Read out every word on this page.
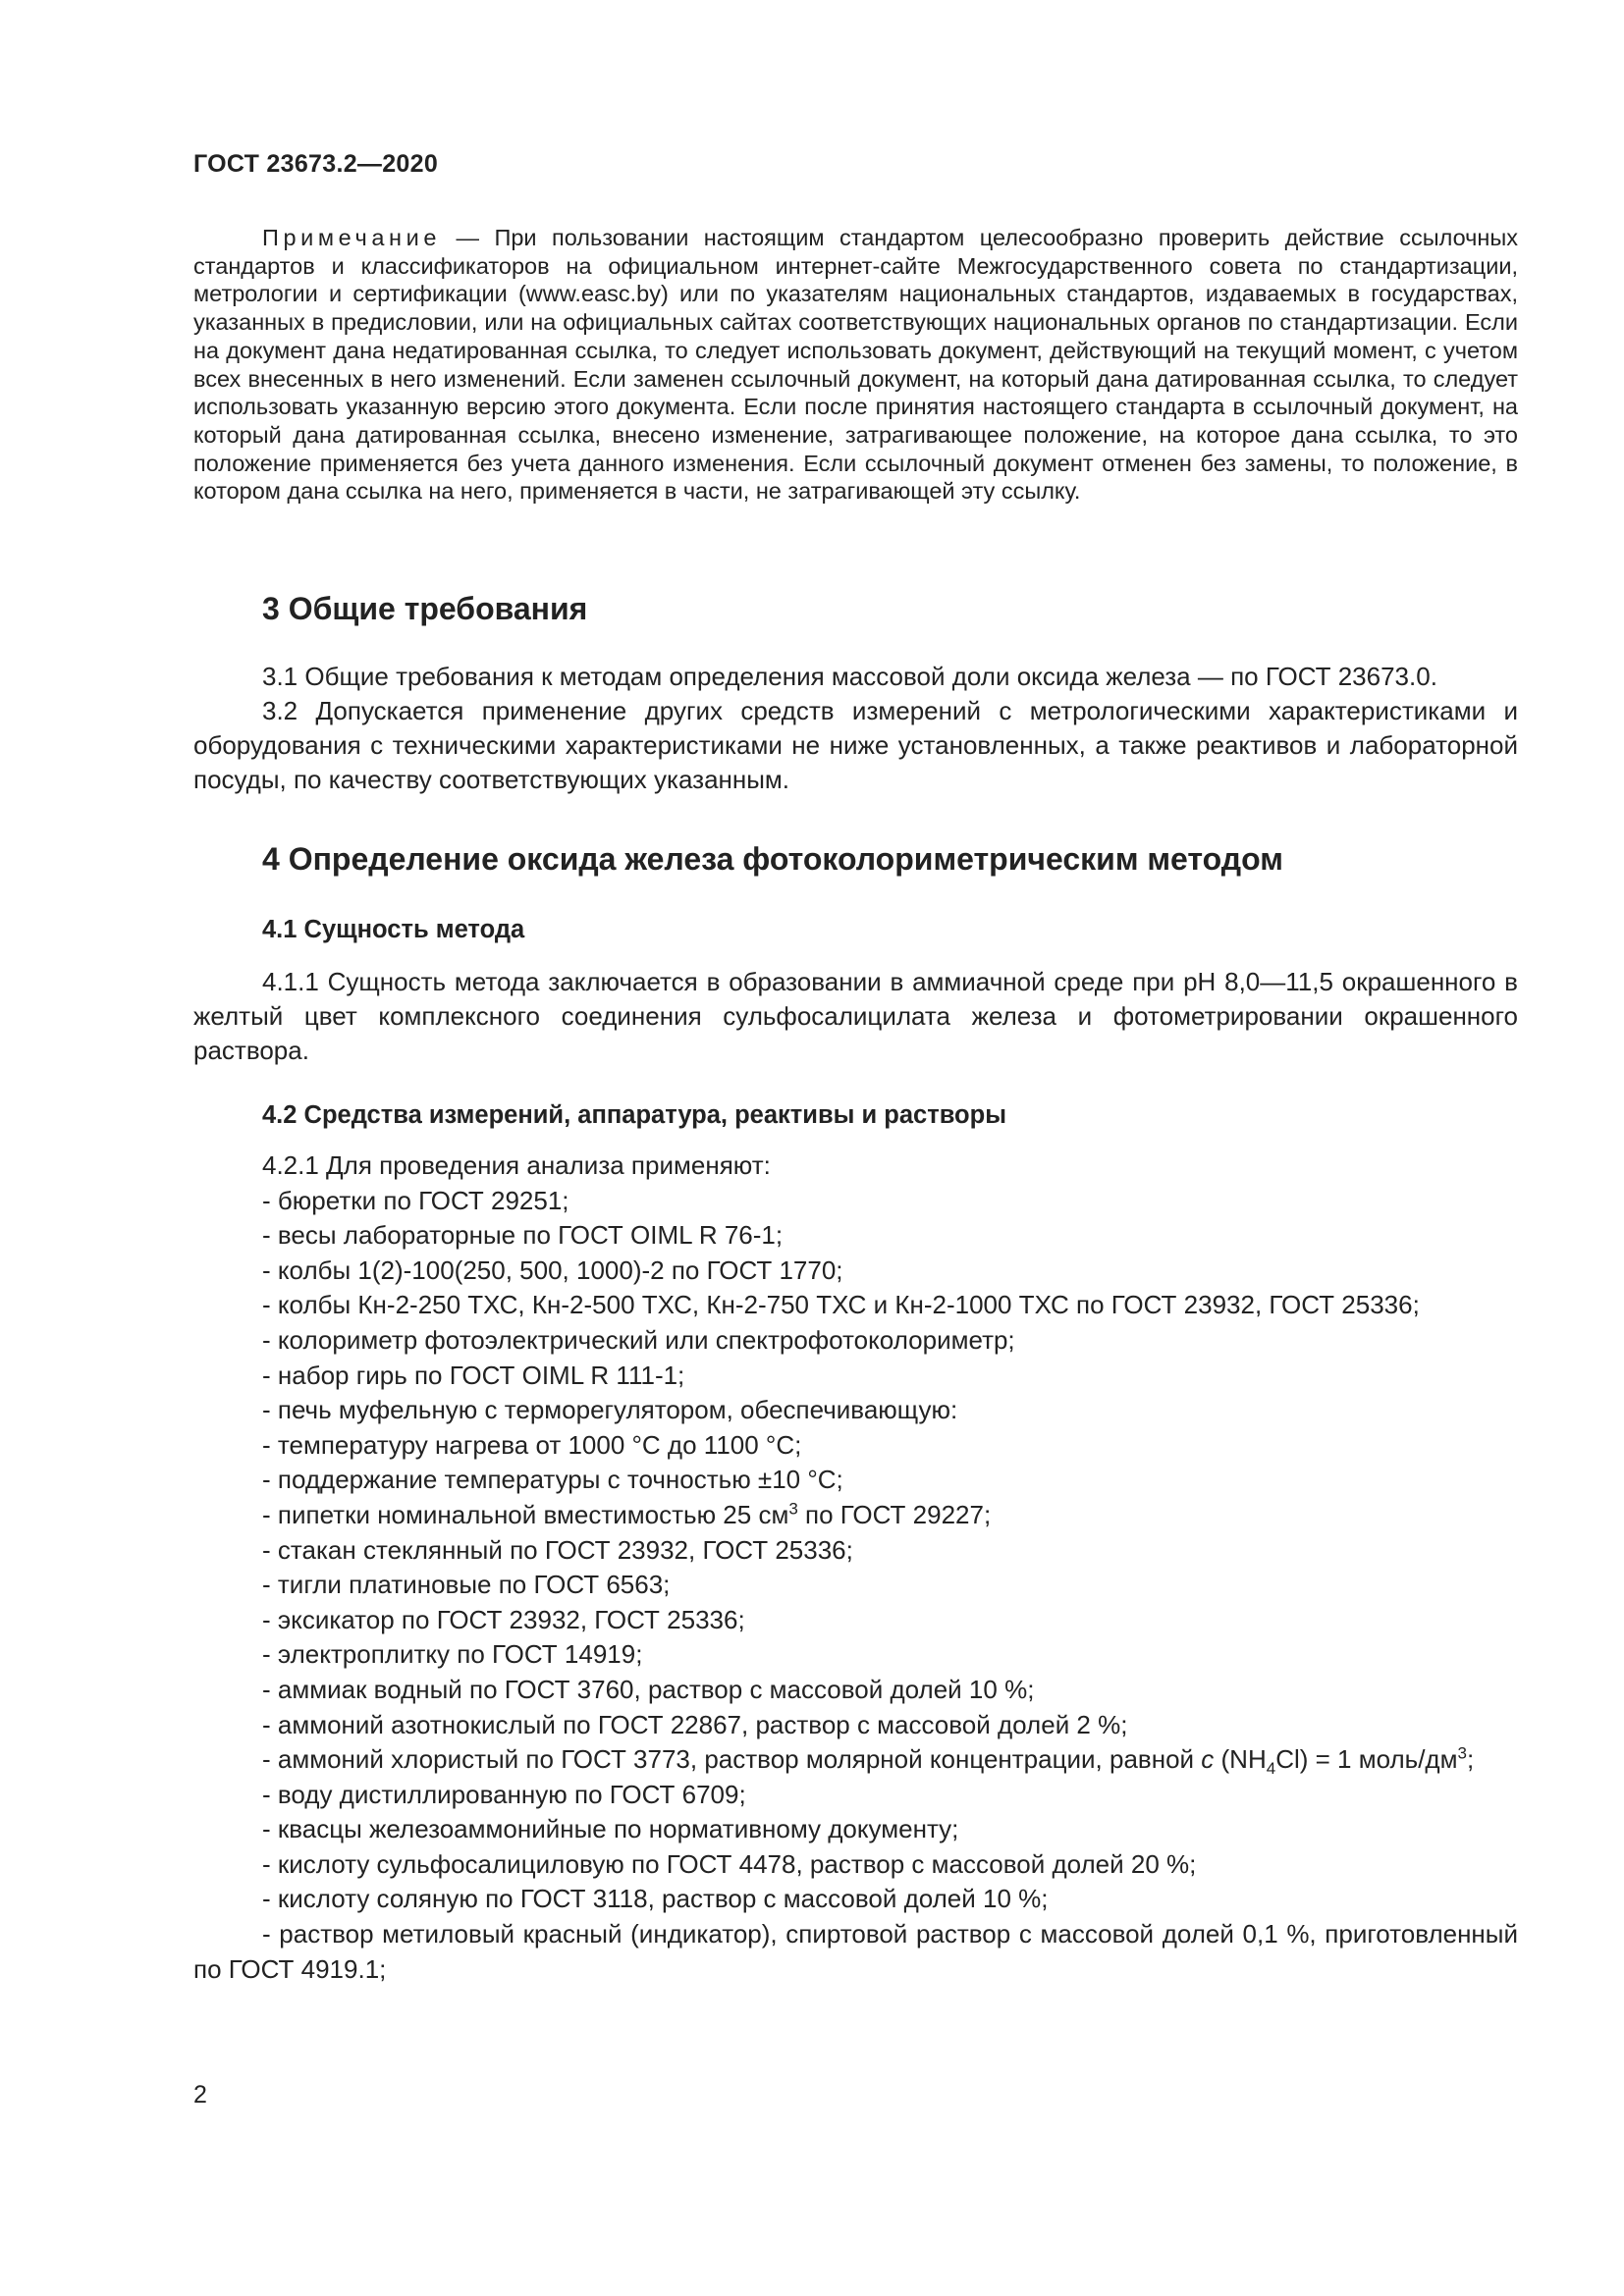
ГОСТ 23673.2—2020

Примечание — При пользовании настоящим стандартом целесообразно проверить действие ссылочных стандартов и классификаторов на официальном интернет-сайте Межгосударственного совета по стандартизации, метрологии и сертификации (www.easc.by) или по указателям национальных стандартов, издаваемых в государствах, указанных в предисловии, или на официальных сайтах соответствующих национальных органов по стандартизации. Если на документ дана недатированная ссылка, то следует использовать документ, действующий на текущий момент, с учетом всех внесенных в него изменений. Если заменен ссылочный документ, на который дана датированная ссылка, то следует использовать указанную версию этого документа. Если после принятия настоящего стандарта в ссылочный документ, на который дана датированная ссылка, внесено изменение, затрагивающее положение, на которое дана ссылка, то это положение применяется без учета данного изменения. Если ссылочный документ отменен без замены, то положение, в котором дана ссылка на него, применяется в части, не затрагивающей эту ссылку.

3 Общие требования

3.1 Общие требования к методам определения массовой доли оксида железа — по ГОСТ 23673.0.

3.2 Допускается применение других средств измерений с метрологическими характеристиками и оборудования с техническими характеристиками не ниже установленных, а также реактивов и лабораторной посуды, по качеству соответствующих указанным.

4 Определение оксида железа фотоколориметрическим методом
4.1 Сущность метода

4.1.1 Сущность метода заключается в образовании в аммиачной среде при рН 8,0—11,5 окрашенного в желтый цвет комплексного соединения сульфосалицилата железа и фотометрировании окрашенного раствора.

4.2 Средства измерений, аппаратура, реактивы и растворы
4.2.1 Для проведения анализа применяют:
- бюретки по ГОСТ 29251;
- весы лабораторные по ГОСТ OIML R 76-1;
- колбы 1(2)-100(250, 500, 1000)-2 по ГОСТ 1770;
- колбы Кн-2-250 ТХС, Кн-2-500 ТХС, Кн-2-750 ТХС и Кн-2-1000 ТХС по ГОСТ 23932, ГОСТ 25336;
- колориметр фотоэлектрический или спектрофотоколориметр;
- набор гирь по ГОСТ OIML R 111-1;
- печь муфельную с терморегулятором, обеспечивающую:
- температуру нагрева от 1000 °С до 1100 °С;
- поддержание температуры с точностью ±10 °С;
- пипетки номинальной вместимостью 25 $см^3$ по ГОСТ 29227;
- стакан стеклянный по ГОСТ 23932, ГОСТ 25336;
- тигли платиновые по ГОСТ 6563;
- эксикатор по ГОСТ 23932, ГОСТ 25336;
- электроплитку по ГОСТ 14919;
- аммиак водный по ГОСТ 3760, раствор с массовой долей 10 %;
- аммоний азотнокислый по ГОСТ 22867, раствор с массовой долей 2 %;
- аммоний хлористый по ГОСТ 3773, раствор молярной концентрации, равной c $(NH_4Cl) = 1$ моль/$дм^3$;
- воду дистиллированную по ГОСТ 6709;
- квасцы железоаммонийные по нормативному документу;
- кислоту сульфосалициловую по ГОСТ 4478, раствор с массовой долей 20 %;
- кислоту соляную по ГОСТ 3118, раствор с массовой долей 10 %;
- раствор метиловый красный (индикатор), спиртовой раствор с массовой долей 0,1 %, приготовленный по ГОСТ 4919.1;

2
